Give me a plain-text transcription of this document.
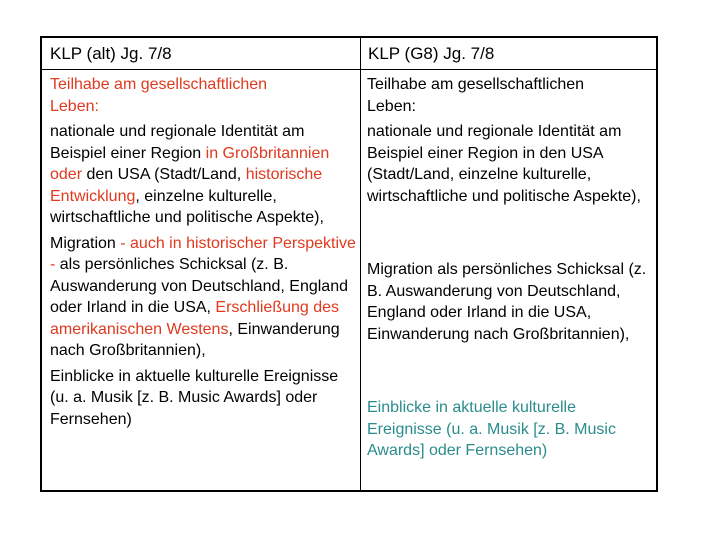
KLP (alt) Jg. 7/8	KLP (G8) Jg. 7/8
Teilhabe am gesellschaftlichen
Leben:
nationale und regionale Identität am Beispiel einer Region in Großbritannien oder den USA (Stadt/Land, historische Entwicklung, einzelne kulturelle, wirtschaftliche und politische Aspekte),
Migration - auch in historischer Perspektive - als persönliches Schicksal (z. B. Auswanderung von Deutschland, England oder Irland in die USA, Erschließung des amerikanischen Westens, Einwanderung nach Großbritannien),
Einblicke in aktuelle kulturelle Ereignisse (u. a. Musik [z. B. Music Awards] oder Fernsehen)
Teilhabe am gesellschaftlichen
Leben:
nationale und regionale Identität am Beispiel einer Region in den USA (Stadt/Land, einzelne kulturelle, wirtschaftliche und politische Aspekte),
Migration als persönliches Schicksal (z. B. Auswanderung von Deutschland, England oder Irland in die USA, Einwanderung nach Großbritannien),
Einblicke in aktuelle kulturelle Ereignisse (u. a. Musik [z. B. Music Awards] oder Fernsehen)
